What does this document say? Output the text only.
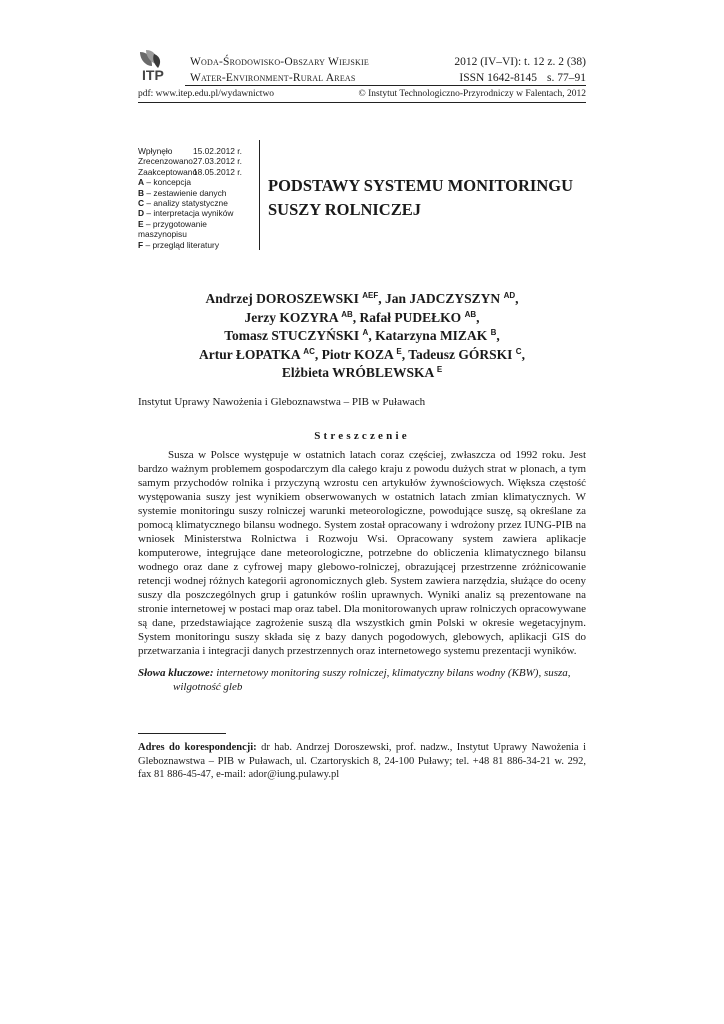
ITP
Woda-Środowisko-Obszary Wiejskie
Water-Environment-Rural Areas
2012 (IV–VI): t. 12 z. 2 (38)
ISSN 1642-8145 s. 77–91
pdf: www.itep.edu.pl/wydawnictwo	© Instytut Technologiczno-Przyrodniczy w Falentach, 2012
Wpłynęło	15.02.2012 r.
Zrecenzowano 27.03.2012 r.
Zaakceptowano
18.05.2012 r.
A – koncepcja
B – zestawienie danych
C – analizy statystyczne
D – interpretacja wyników
E – przygotowanie maszynopisu
F – przegląd literatury
PODSTAWY SYSTEMU MONITORINGU
SUSZY ROLNICZEJ
Andrzej DOROSZEWSKI $^{AEF}$, Jan JADCZYSZYN $^{AD}$,
Jerzy KOZYRA $^{AB}$, Rafał PUDEŁKO $^{AB}$,
Tomasz STUCZYŃSKI $^A$, Katarzyna MIZAK $^B$,
Artur ŁOPATKA $^{AC}$, Piotr KOZA $^E$, Tadeusz GÓRSKI $^C$,
Elżbieta WRÓBLEWSKA $^E$
Instytut Uprawy Nawożenia i Gleboznawstwa – PIB w Puławach
Streszczenie

Susza w Polsce występuje w ostatnich latach coraz częściej, zwłaszcza od 1992 roku. Jest bardzo ważnym problemem gospodarczym dla całego kraju z powodu dużych strat w plonach, a tym samym przychodów rolnika i przyczyną wzrostu cen artykułów żywnościowych. Większa częstość występowania suszy jest wynikiem obserwowanych w ostatnich latach zmian klimatycznych. W systemie monitoringu suszy rolniczej warunki meteorologiczne, powodujące suszę, są określane za pomocą klimatycznego bilansu wodnego. System został opracowany i wdrożony przez IUNG-PIB na wniosek Ministerstwa Rolnictwa i Rozwoju Wsi. Opracowany system zawiera aplikacje komputerowe, integrujące dane meteorologiczne, potrzebne do obliczenia klimatycznego bilansu wodnego oraz dane z cyfrowej mapy glebowo-rolniczej, obrazującej przestrzenne zróżnicowanie retencji wodnej różnych kategorii agronomicznych gleb. System zawiera narzędzia, służące do oceny suszy dla poszczególnych grup i gatunków roślin uprawnych. Wyniki analiz są prezentowane na stronie internetowej w postaci map oraz tabel. Dla monitorowanych upraw rolniczych opracowywane są dane, przedstawiające zagrożenie suszą dla wszystkich gmin Polski w okresie wegetacyjnym. System monitoringu suszy składa się z bazy danych pogodowych, glebowych, aplikacji GIS do przetwarzania i integracji danych przestrzennych oraz internetowego systemu prezentacji wyników.

Słowa kluczowe: internetowy monitoring suszy rolniczej, klimatyczny bilans wodny (KBW), susza,
wilgotność gleb

Adres do korespondencji: dr hab. Andrzej Doroszewski, prof. nadzw., Instytut Uprawy Nawożenia i Gleboznawstwa – PIB w Puławach, ul. Czartoryskich 8, 24-100 Puławy; tel. +48 81 886-34-21 w. 292, fax 81 886-45-47, e-mail: ador@iung.pulawy.pl
